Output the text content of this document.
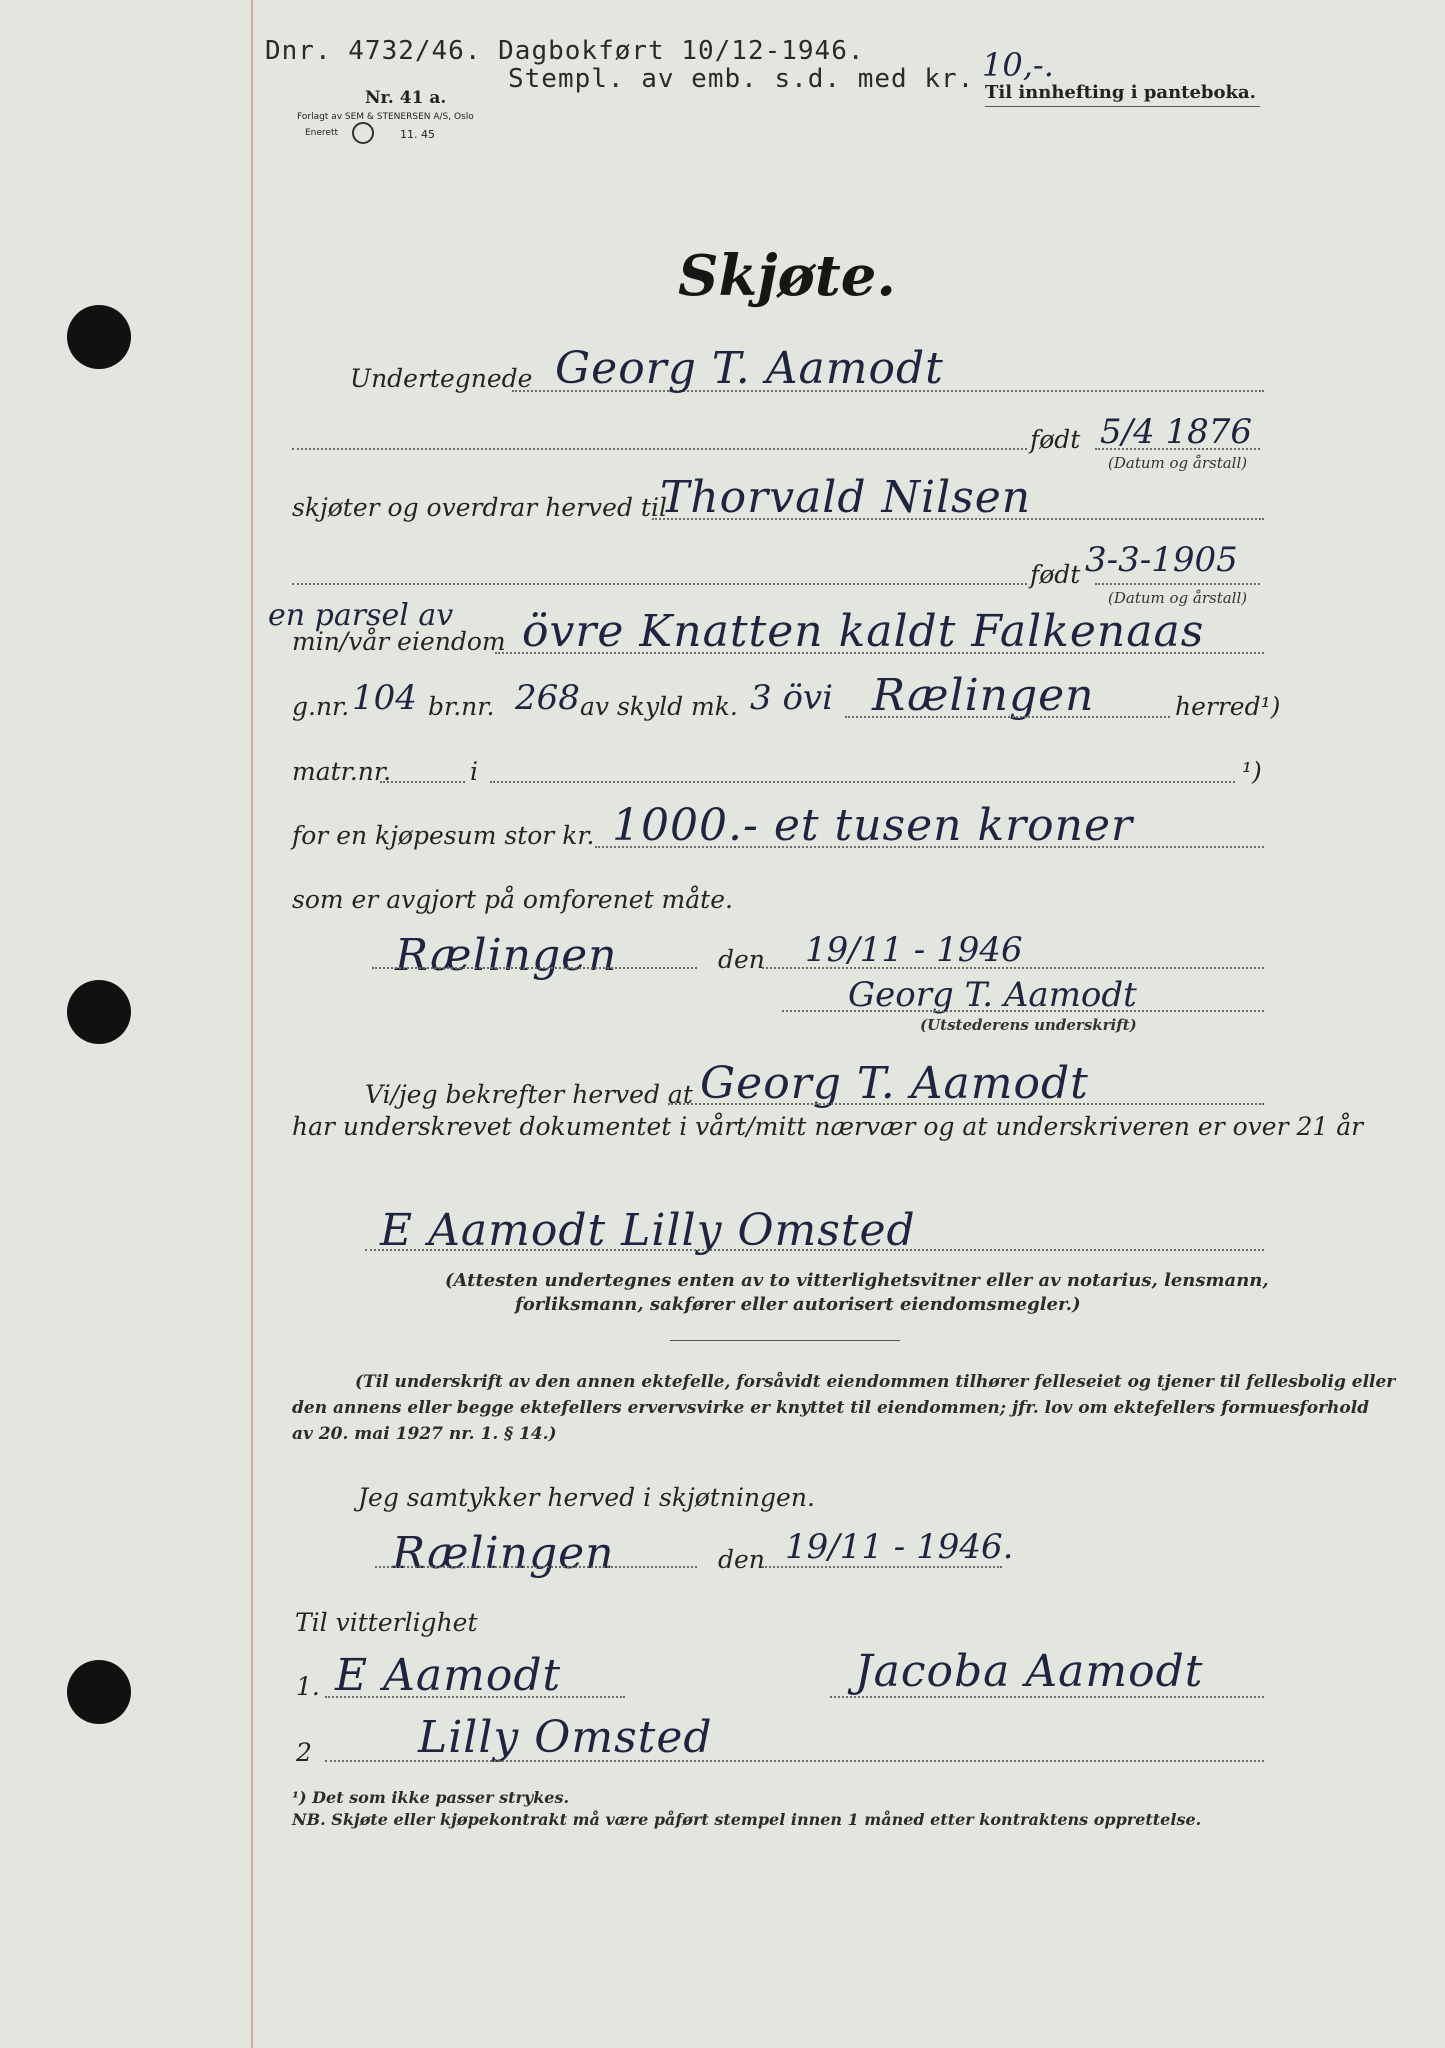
Dnr. 4732/46. Dagbokført 10/12-1946.
Stempl. av emb. s.d. med kr. 10,-.
Til innhefting i panteboka.
Nr. 41 a.
Forlagt av SEM & STENERSEN A/S, Oslo
Enerett	11. 45
Skjøte.
Undertegnede Georg T. Aamodt
født 5/4 1876
(Datum og årstall)
skjøter og overdrar herved til
Thorvald Nilsen
født 3-3-1905
(Datum og årstall)
en parsel av
min/vår eiendom övre Knatten kaldt Falkenaas
g.nr. 104 br.nr. 268 av skyld mk. 3 övi Rælingen	herred¹)
matr.nr.	i	¹)
for en kjøpesum stor kr. 1000.- et tusen kroner
som er avgjort på omforenet måte.
Rælingen	den 19/11 - 1946
Georg T. Aamodt
(Utstederens underskrift)
Vi/jeg bekrefter herved at Georg T. Aamodt
har underskrevet dokumentet i vårt/mitt nærvær og at underskriveren er over 21 år
E Aamodt Lilly Omsted
(Attesten undertegnes enten av to vitterlighetsvitner eller av notarius, lensmann,
forliksmann, sakfører eller autorisert eiendomsmegler.)
(Til underskrift av den annen ektefelle, forsåvidt eiendommen tilhører felleseiet og tjener til fellesbolig eller
den annens eller begge ektefellers ervervsvirke er knyttet til eiendommen; jfr. lov om ektefellers formuesforhold
av 20. mai 1927 nr. 1. § 14.)
Jeg samtykker herved i skjøtningen.
Rælingen	den 19/11 - 1946.
Til vitterlighet
1. E Aamodt	Jacoba Aamodt
2 Lilly Omsted
¹) Det som ikke passer strykes.
NB. Skjøte eller kjøpekontrakt må være påført stempel innen 1 måned etter kontraktens opprettelse.
